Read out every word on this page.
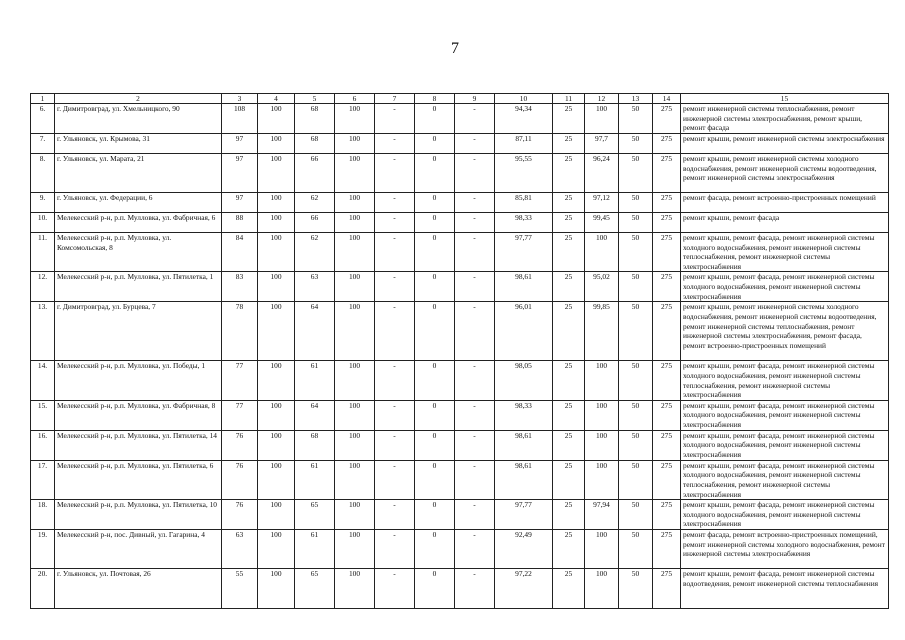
7
1	2	3	4	5	6	7	8	9	10	11	12	13	14	15
6.	г. Димитровград, ул. Хмельницкого, 90	108	100	68	100	-	0	-	94,34	25	100	50	275	ремонт инженерной системы теплоснабжения, ремонт инженерной системы электроснабжения, ремонт крыши, ремонт фасада
7.	г. Ульяновск, ул. Крымова, 31	97	100	68	100	-	0	-	87,11	25	97,7	50	275	ремонт крыши, ремонт инженерной системы электроснабжения
8.	г. Ульяновск, ул. Марата, 21	97	100	66	100	-	0	-	95,55	25	96,24	50	275	ремонт крыши, ремонт инженерной системы холодного водоснабжения, ремонт инженерной системы водоотведения, ремонт инженерной системы электроснабжения
9.	г. Ульяновск, ул. Федерации, 6	97	100	62	100	-	0	-	85,81	25	97,12	50	275	ремонт фасада, ремонт встроенно-пристроенных помещений
10.	Мелекесский р-н, р.п. Мулловка, ул. Фабричная, 6	88	100	66	100	-	0	-	98,33	25	99,45	50	275	ремонт крыши, ремонт фасада
11.	Мелекесский р-н, р.п. Мулловка, ул. Комсомольская, 8	84	100	62	100	-	0	-	97,77	25	100	50	275	ремонт крыши, ремонт фасада, ремонт инженерной системы холодного водоснабжения, ремонт инженерной системы теплоснабжения, ремонт инженерной системы электроснабжения
12.	Мелекесский р-н, р.п. Мулловка, ул. Пятилетка, 1	83	100	63	100	-	0	-	98,61	25	95,02	50	275	ремонт крыши, ремонт фасада, ремонт инженерной системы холодного водоснабжения, ремонт инженерной системы электроснабжения
13.	г. Димитровград, ул. Бурцева, 7	78	100	64	100	-	0	-	96,01	25	99,85	50	275	ремонт крыши, ремонт инженерной системы холодного водоснабжения, ремонт инженерной системы водоотведения, ремонт инженерной системы теплоснабжения, ремонт инженерной системы электроснабжения, ремонт фасада, ремонт встроенно-пристроенных помещений
14.	Мелекесский р-н, р.п. Мулловка, ул. Победы, 1	77	100	61	100	-	0	-	98,05	25	100	50	275	ремонт крыши, ремонт фасада, ремонт инженерной системы холодного водоснабжения, ремонт инженерной системы теплоснабжения, ремонт инженерной системы электроснабжения
15.	Мелекесский р-н, р.п. Мулловка, ул. Фабричная, 8	77	100	64	100	-	0	-	98,33	25	100	50	275	ремонт крыши, ремонт фасада, ремонт инженерной системы холодного водоснабжения, ремонт инженерной системы электроснабжения
16.	Мелекесский р-н, р.п. Мулловка, ул. Пятилетка, 14	76	100	68	100	-	0	-	98,61	25	100	50	275	ремонт крыши, ремонт фасада, ремонт инженерной системы холодного водоснабжения, ремонт инженерной системы электроснабжения
17.	Мелекесский р-н, р.п. Мулловка, ул. Пятилетка, 6	76	100	61	100	-	0	-	98,61	25	100	50	275	ремонт крыши, ремонт фасада, ремонт инженерной системы холодного водоснабжения, ремонт инженерной системы теплоснабжения, ремонт инженерной системы электроснабжения
18.	Мелекесский р-н, р.п. Мулловка, ул. Пятилетка, 10	76	100	65	100	-	0	-	97,77	25	97,94	50	275	ремонт крыши, ремонт фасада, ремонт инженерной системы холодного водоснабжения, ремонт инженерной системы электроснабжения
19.	Мелекесский р-н, пос. Дивный, ул. Гагарина, 4	63	100	61	100	-	0	-	92,49	25	100	50	275	ремонт фасада, ремонт встроенно-пристроенных помещений, ремонт инженерной системы холодного водоснабжения, ремонт инженерной системы электроснабжения
20.	г. Ульяновск, ул. Почтовая, 26	55	100	65	100	-	0	-	97,22	25	100	50	275	ремонт крыши, ремонт фасада, ремонт инженерной системы водоотведения, ремонт инженерной системы теплоснабжения
